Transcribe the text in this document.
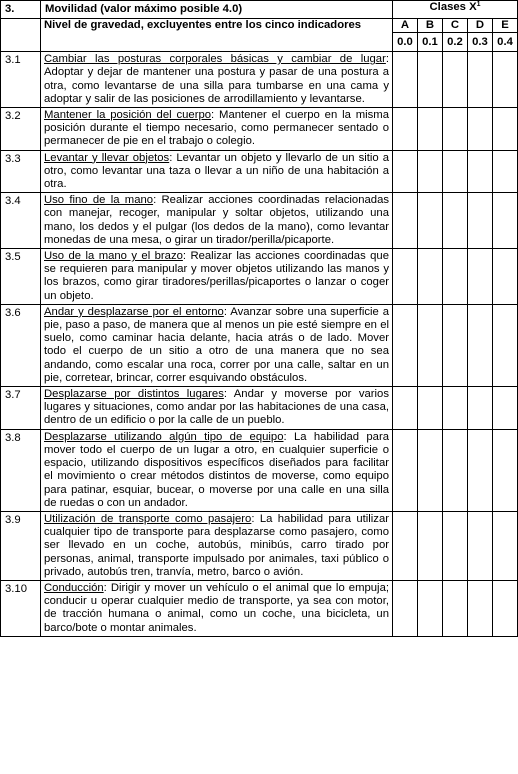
3.	Movilidad (valor máximo posible 4.0)	Clases $X^1$
	Nivel de gravedad, excluyentes entre los cinco indicadores	A	B	C	D	E
		0.0	0.1	0.2	0.3	0.4
3.1	Cambiar las posturas corporales básicas y cambiar de lugar: Adoptar y dejar de mantener una postura y pasar de una postura a otra, como levantarse de una silla para tumbarse en una cama y adoptar y salir de las posiciones de arrodillamiento y levantarse.					
3.2	Mantener la posición del cuerpo: Mantener el cuerpo en la misma posición durante el tiempo necesario, como permanecer sentado o permanecer de pie en el trabajo o colegio.					
3.3	Levantar y llevar objetos: Levantar un objeto y llevarlo de un sitio a otro, como levantar una taza o llevar a un niño de una habitación a otra.					
3.4	Uso fino de la mano: Realizar acciones coordinadas relacionadas con manejar, recoger, manipular y soltar objetos, utilizando una mano, los dedos y el pulgar (los dedos de la mano), como levantar monedas de una mesa, o girar un tirador/perilla/picaporte.					
3.5	Uso de la mano y el brazo: Realizar las acciones coordinadas que se requieren para manipular y mover objetos utilizando las manos y los brazos, como girar tiradores/perillas/picaportes o lanzar o coger un objeto.					
3.6	Andar y desplazarse por el entorno: Avanzar sobre una superficie a pie, paso a paso, de manera que al menos un pie esté siempre en el suelo, como caminar hacia delante, hacia atrás o de lado. Mover todo el cuerpo de un sitio a otro de una manera que no sea andando, como escalar una roca, correr por una calle, saltar en un pie, corretear, brincar, correr esquivando obstáculos.					
3.7	Desplazarse por distintos lugares: Andar y moverse por varios lugares y situaciones, como andar por las habitaciones de una casa, dentro de un edificio o por la calle de un pueblo.					
3.8	Desplazarse utilizando algún tipo de equipo: La habilidad para mover todo el cuerpo de un lugar a otro, en cualquier superficie o espacio, utilizando dispositivos específicos diseñados para facilitar el movimiento o crear métodos distintos de moverse, como equipo para patinar, esquiar, bucear, o moverse por una calle en una silla de ruedas o con un andador.					
3.9	Utilización de transporte como pasajero: La habilidad para utilizar cualquier tipo de transporte para desplazarse como pasajero, como ser llevado en un coche, autobús, minibús, carro tirado por personas, animal, transporte impulsado por animales, taxi público o privado, autobús tren, tranvía, metro, barco o avión.					
3.10	Conducción: Dirigir y mover un vehículo o el animal que lo empuja; conducir u operar cualquier medio de transporte, ya sea con motor, de tracción humana o animal, como un coche, una bicicleta, un barco/bote o montar animales.					
